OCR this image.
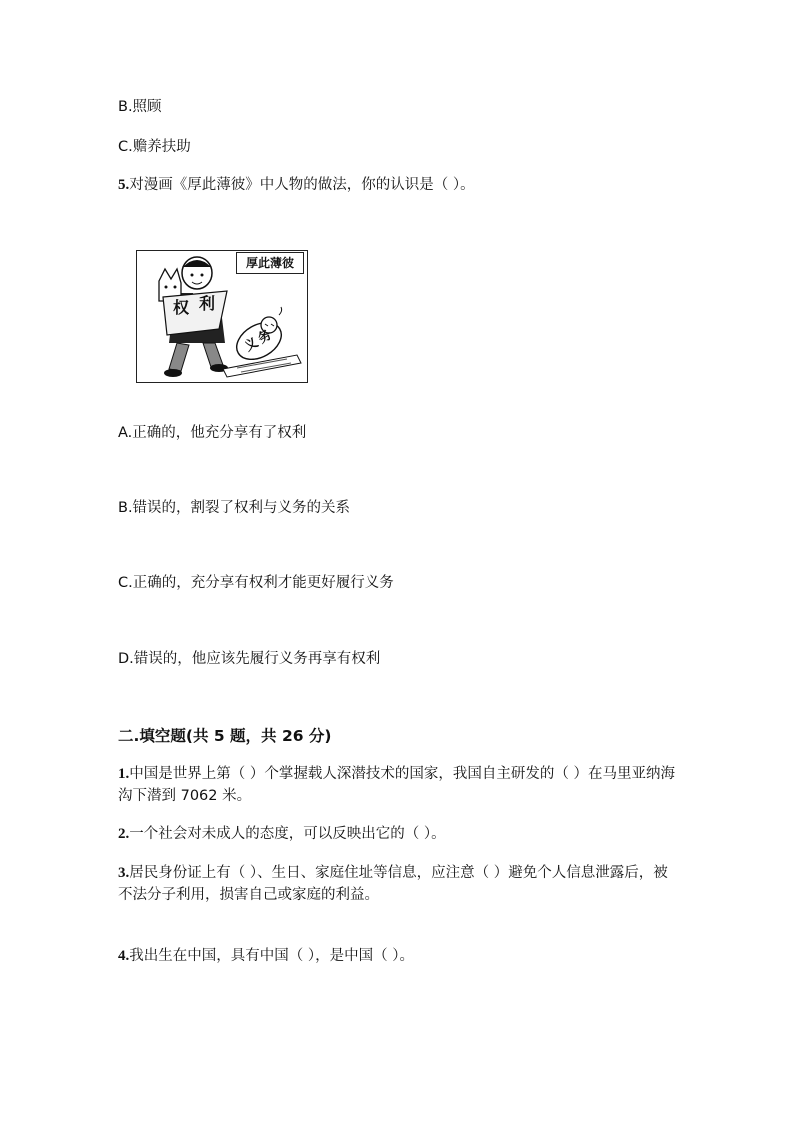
B.照顾
C.赡养扶助
5.对漫画《厚此薄彼》中人物的做法，你的认识是（ ）。
权 利
义
务
厚此薄彼
A.正确的，他充分享有了权利
B.错误的，割裂了权利与义务的关系
C.正确的，充分享有权利才能更好履行义务
D.错误的，他应该先履行义务再享有权利
二.填空题(共 5 题，共 26 分)
1.中国是世界上第（ ）个掌握载人深潜技术的国家，我国自主研发的（ ）在马里亚纳海沟下潜到 7062 米。
2.一个社会对未成人的态度，可以反映出它的（ ）。
3.居民身份证上有（ ）、生日、家庭住址等信息，应注意（ ）避免个人信息泄露后，被不法分子利用，损害自己或家庭的利益。
4.我出生在中国，具有中国（ ），是中国（ ）。
